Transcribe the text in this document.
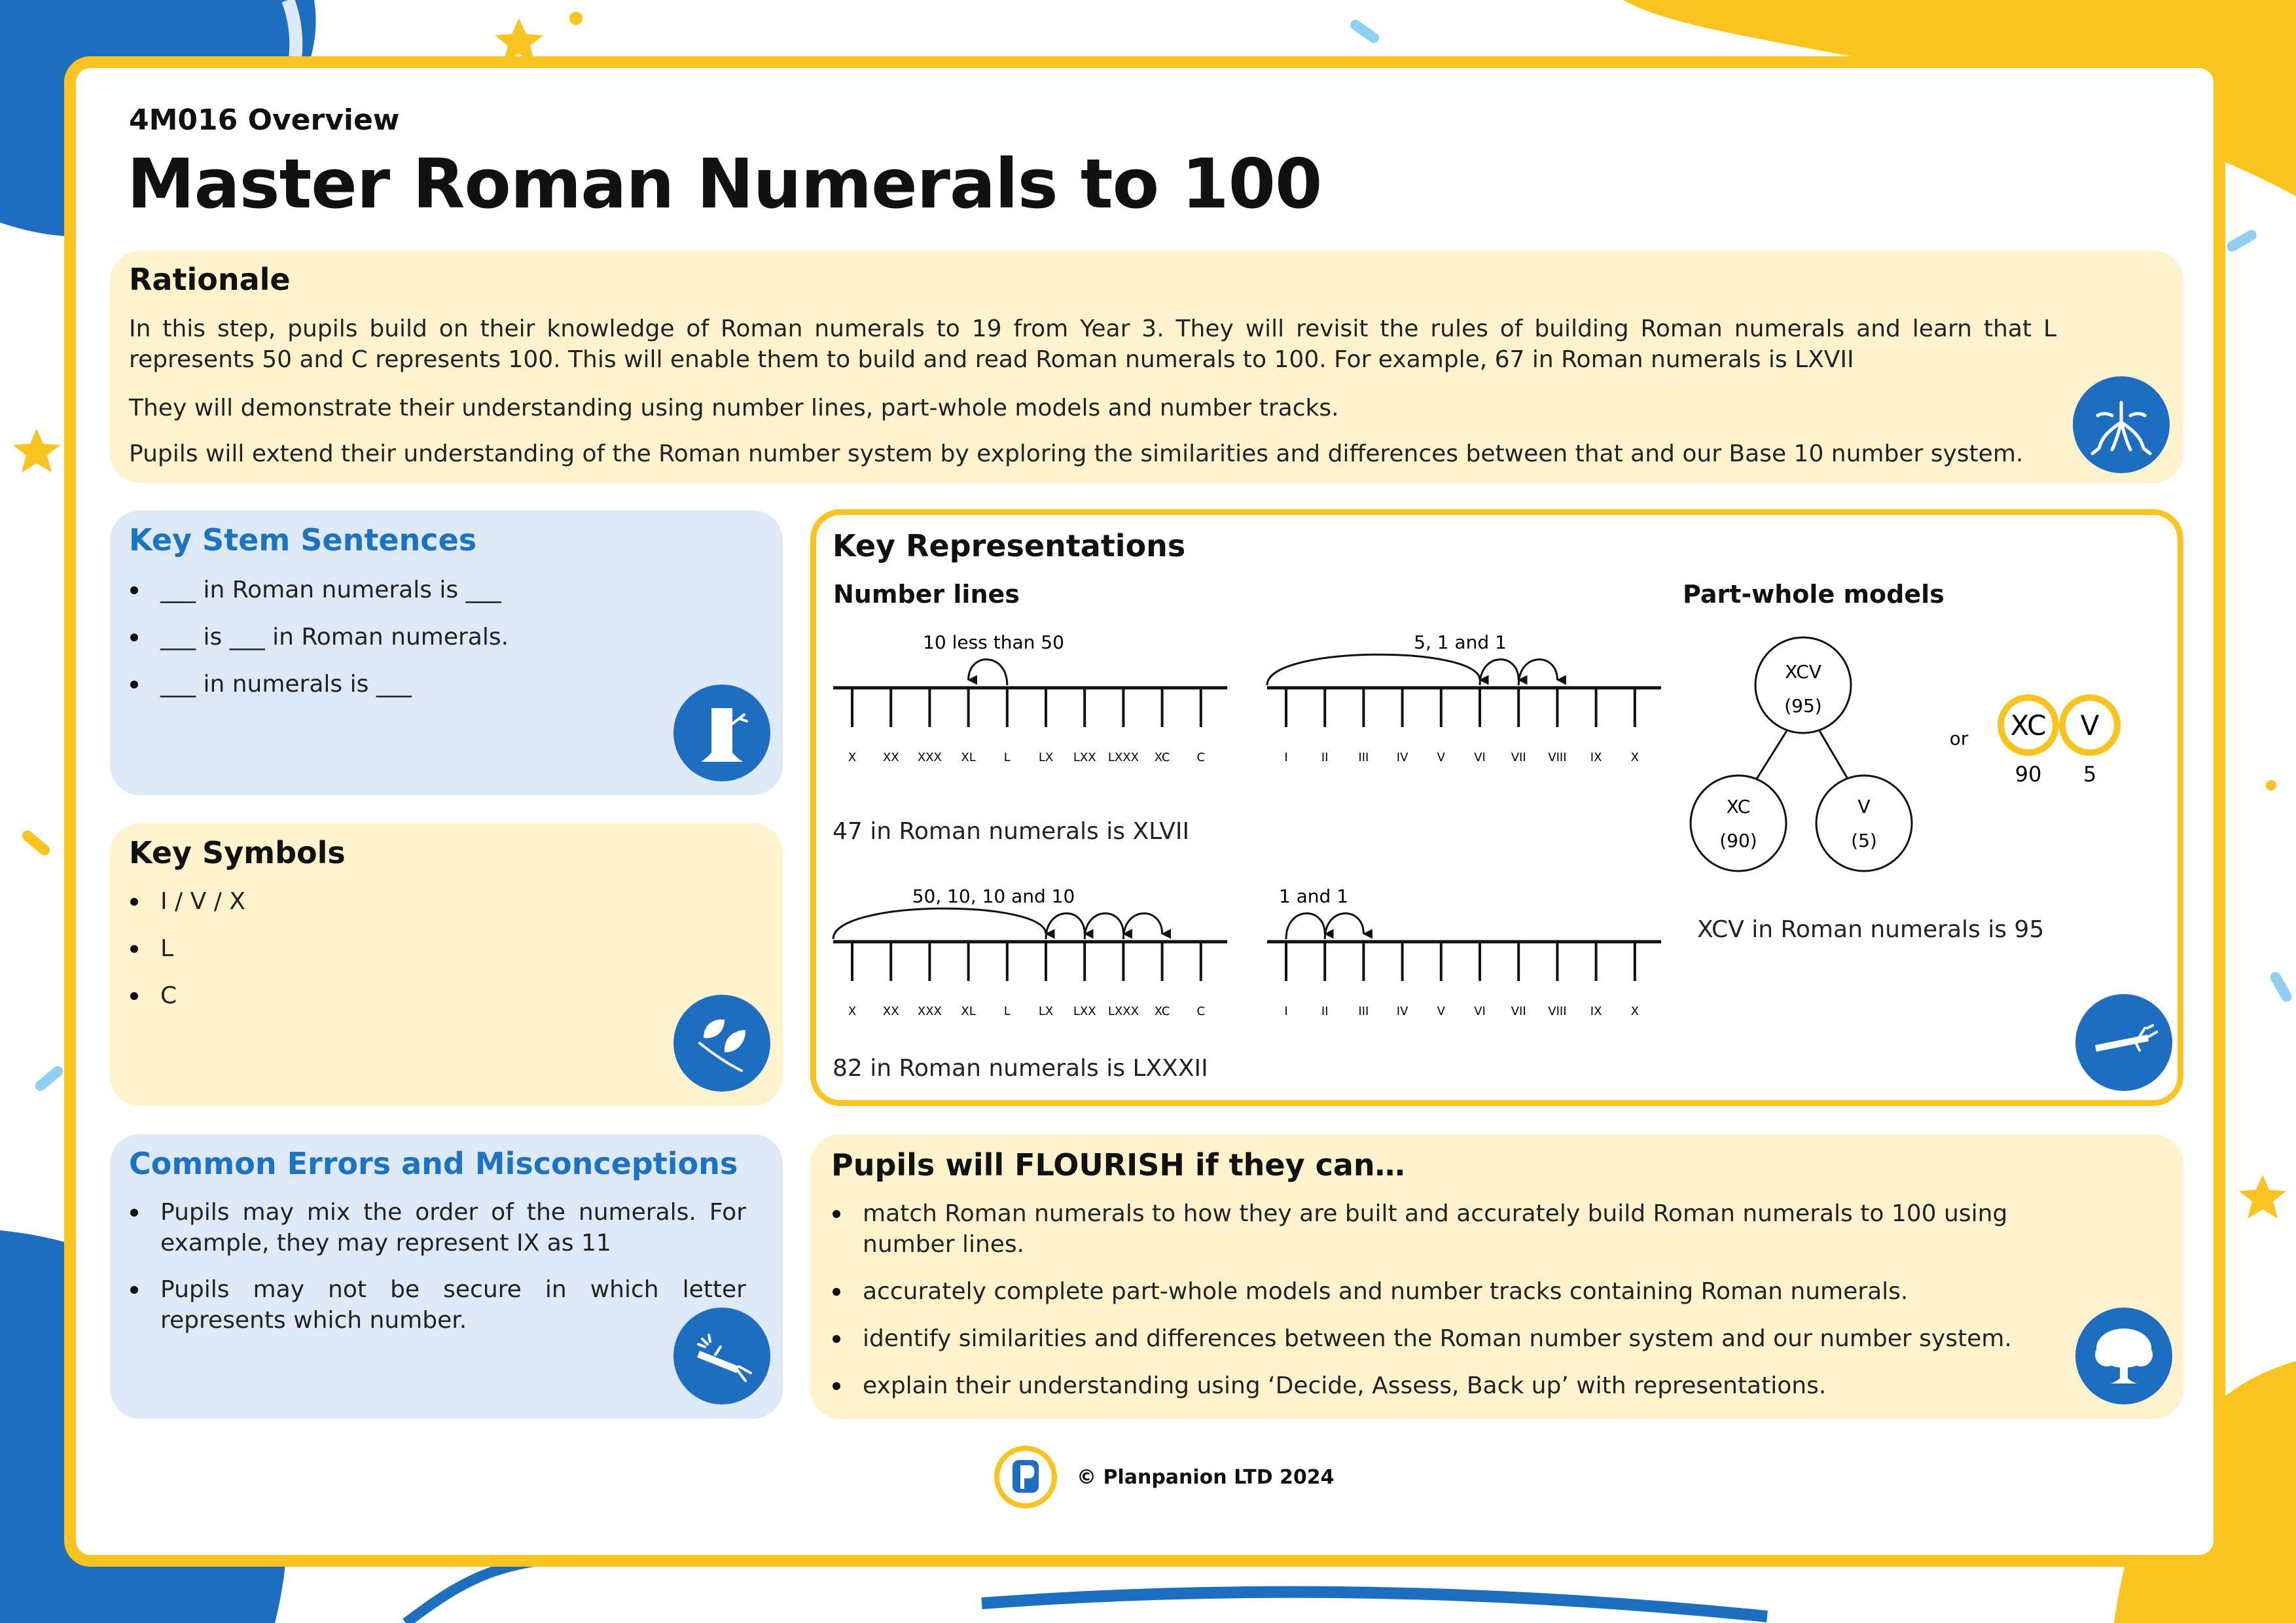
4M016 Overview
Master Roman Numerals to 100
Rationale
In this step, pupils build on their knowledge of Roman numerals to 19 from Year 3. They will revisit the rules of building Roman numerals and learn that L represents 50 and C represents 100. This will enable them to build and read Roman numerals to 100. For example, 67 in Roman numerals is LXVII
They will demonstrate their understanding using number lines, part-whole models and number tracks.
Pupils will extend their understanding of the Roman number system by exploring the similarities and differences between that and our Base 10 number system.
Key Stem Sentences
___ in Roman numerals is ___
___ is ___ in Roman numerals.
___ in numerals is ___
Key Symbols
I / V / X
L
C
Common Errors and Misconceptions
Pupils may mix the order of the numerals. For example, they may represent IX as 11
Pupils may not be secure in which letter represents which number.
Key Representations
Number lines	Part-whole models
X XX XXX XL L LX LXX LXXX XC C
10 less than 50
I	II	III IV V VI VII VIII IX X
5, 1 and 1
X XX XXX XL L LX LXX LXXX XC C
50, 10, 10 and 10
I	II	III IV V VI VII VIII IX X
1 and 1
XCV
(95)
XC
(90)
V
(5)
or XC V
90 5
47 in Roman numerals is XLVII
82 in Roman numerals is LXXXII
XCV in Roman numerals is 95
Pupils will FLOURISH if they can…
match Roman numerals to how they are built and accurately build Roman numerals to 100 using number lines.
accurately complete part-whole models and number tracks containing Roman numerals.
identify similarities and differences between the Roman number system and our number system.
explain their understanding using ‘Decide, Assess, Back up’ with representations.
© Planpanion LTD 2024
